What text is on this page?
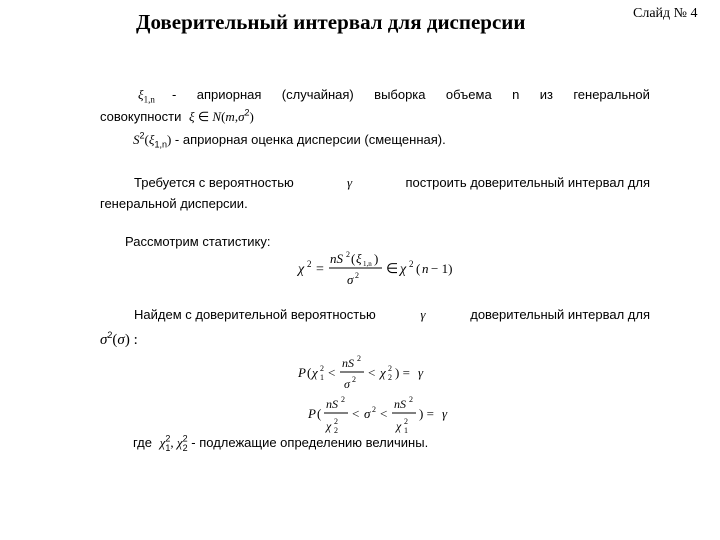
Доверительный интервал для дисперсии	Слайд № 4
$\xi_{1,n}$ - априорная (случайная) выборка объема n из генеральной
совокупности ξ ∈ $N(m,\sigma^2)$
$S^2(\xi_{1,n})$ - априорная оценка дисперсии (смещенная).
Требуется с вероятностью	γ	построить доверительный интервал для
генеральной дисперсии.
Рассмотрим статистику:
χ 2 =
nS 2 ( ξ 1,n )
σ 2 ∈ χ 2 ( n − 1)
Найдем с доверительной вероятностью	γ	доверительный интервал для
$\sigma^2(\sigma)$ :
P ( χ 1
2 <
nS 2
σ 2 < χ 2
2 ) = γ
P (
nS 2
χ 2
2
< σ 2 <
nS 2
χ 1
2
) = γ
где $\chi^2_1$, $\chi^2_2$ - подлежащие определению величины.
